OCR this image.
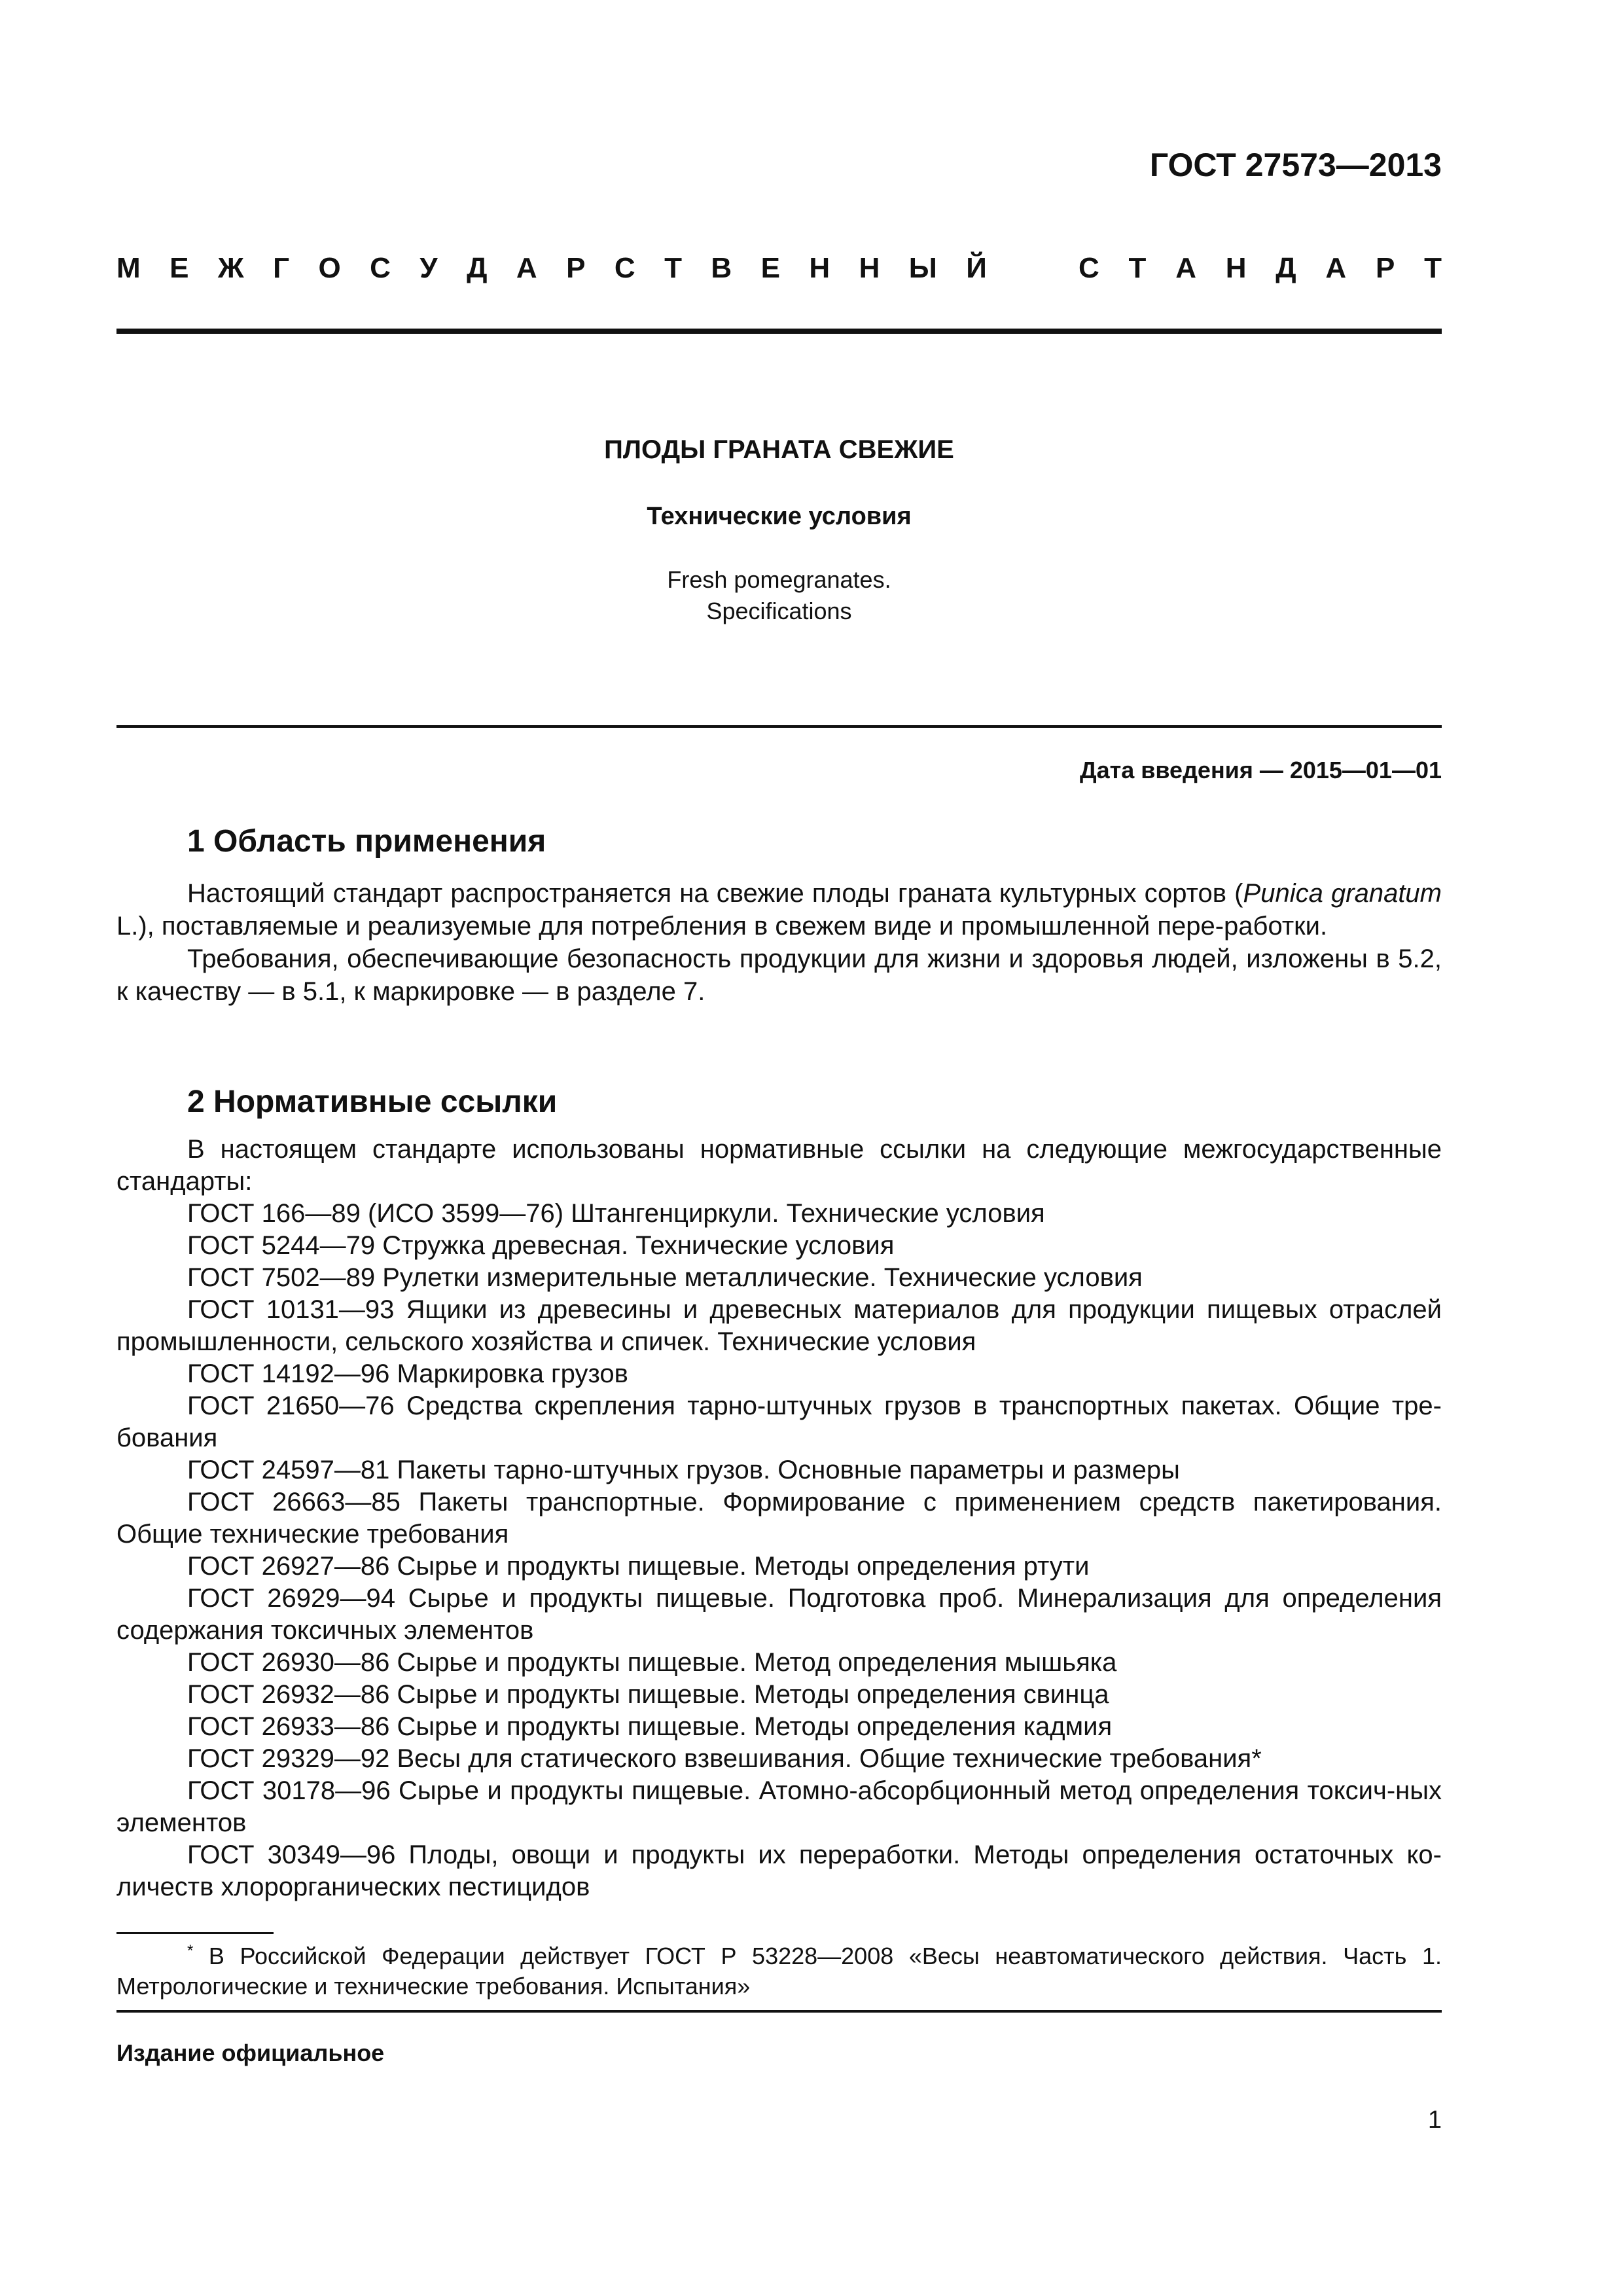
ГОСТ 27573—2013
М Е Ж Г О С У Д А Р С Т В Е Н Н Ы Й	С Т А Н Д А Р Т
ПЛОДЫ ГРАНАТА СВЕЖИЕ
Технические условия
Fresh pomegranates.
Specifications
Дата введения — 2015—01—01
1 Область применения

Настоящий стандарт распространяется на свежие плоды граната культурных сортов (Punica granatum L.), поставляемые и реализуемые для потребления в свежем виде и промышленной пере-работки.

Требования, обеспечивающие безопасность продукции для жизни и здоровья людей, изложены в 5.2, к качеству — в 5.1, к маркировке — в разделе 7.

2 Нормативные ссылки

В настоящем стандарте использованы нормативные ссылки на следующие межгосударственные стандарты:

ГОСТ 166—89 (ИСО 3599—76) Штангенциркули. Технические условия

ГОСТ 5244—79 Стружка древесная. Технические условия

ГОСТ 7502—89 Рулетки измерительные металлические. Технические условия

ГОСТ 10131—93 Ящики из древесины и древесных материалов для продукции пищевых отраслей промышленности, сельского хозяйства и спичек. Технические условия

ГОСТ 14192—96 Маркировка грузов

ГОСТ 21650—76 Средства скрепления тарно-штучных грузов в транспортных пакетах. Общие тре-бования

ГОСТ 24597—81 Пакеты тарно-штучных грузов. Основные параметры и размеры

ГОСТ 26663—85 Пакеты транспортные. Формирование с применением средств пакетирования. Общие технические требования

ГОСТ 26927—86 Сырье и продукты пищевые. Методы определения ртути

ГОСТ 26929—94 Сырье и продукты пищевые. Подготовка проб. Минерализация для определения содержания токсичных элементов

ГОСТ 26930—86 Сырье и продукты пищевые. Метод определения мышьяка

ГОСТ 26932—86 Сырье и продукты пищевые. Методы определения свинца

ГОСТ 26933—86 Сырье и продукты пищевые. Методы определения кадмия

ГОСТ 29329—92 Весы для статического взвешивания. Общие технические требования*

ГОСТ 30178—96 Сырье и продукты пищевые. Атомно-абсорбционный метод определения токсич-ных элементов

ГОСТ 30349—96 Плоды, овощи и продукты их переработки. Методы определения остаточных ко-личеств хлорорганических пестицидов

* В Российской Федерации действует ГОСТ Р 53228—2008 «Весы неавтоматического действия. Часть 1. Метрологические и технические требования. Испытания»

Издание официальное
1
